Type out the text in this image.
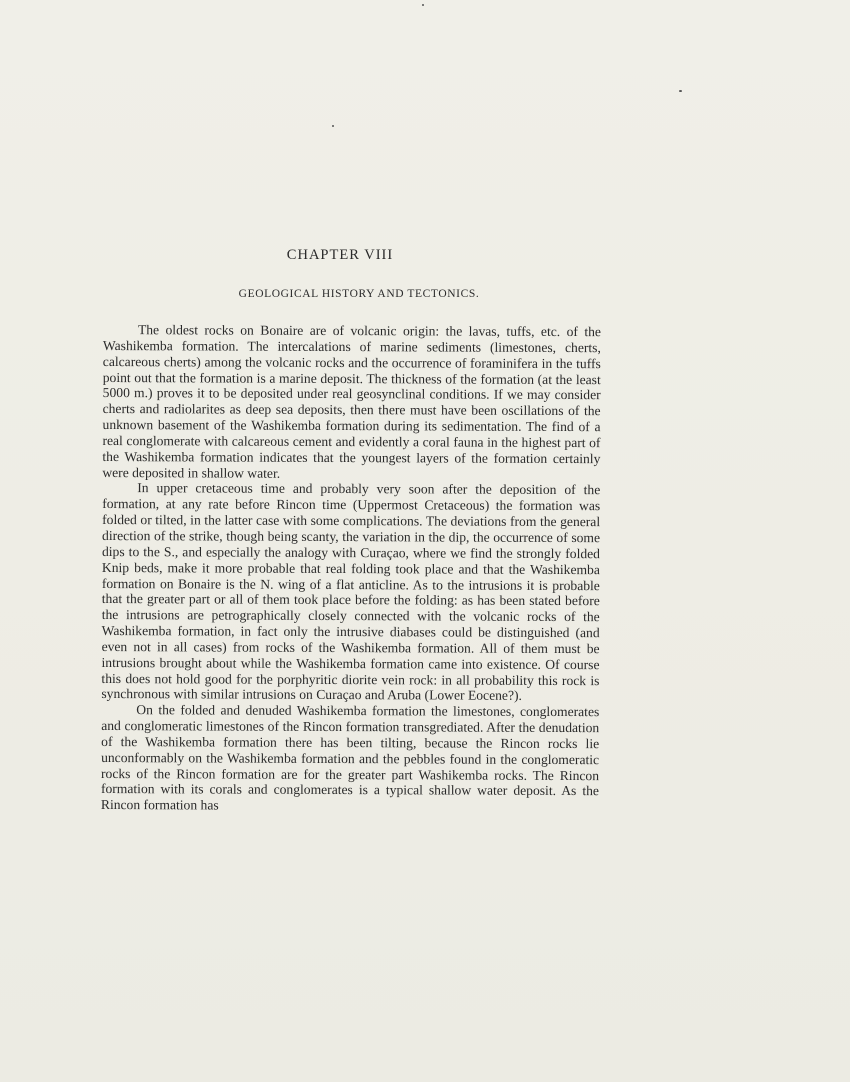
CHAPTER VIII
GEOLOGICAL HISTORY AND TECTONICS.

The oldest rocks on Bonaire are of volcanic origin: the lavas, tuffs, etc. of the Washikemba formation. The intercalations of marine sediments (limestones, cherts, calcareous cherts) among the volcanic rocks and the occurrence of foraminifera in the tuffs point out that the formation is a marine deposit. The thickness of the formation (at the least 5000 m.) proves it to be deposited under real geosynclinal conditions. If we may consider cherts and radiolarites as deep sea deposits, then there must have been oscillations of the unknown basement of the Washikemba formation during its sedimentation. The find of a real conglomerate with calcareous cement and evidently a coral fauna in the highest part of the Washikemba formation indicates that the youngest layers of the formation certainly were deposited in shallow water.

In upper cretaceous time and probably very soon after the deposition of the formation, at any rate before Rincon time (Uppermost Cretaceous) the formation was folded or tilted, in the latter case with some complications. The deviations from the general direction of the strike, though being scanty, the variation in the dip, the occurrence of some dips to the S., and especially the analogy with Curaçao, where we find the strongly folded Knip beds, make it more probable that real folding took place and that the Washikemba formation on Bonaire is the N. wing of a flat anticline. As to the intrusions it is probable that the greater part or all of them took place before the folding: as has been stated before the intrusions are petrographically closely connected with the volcanic rocks of the Washikemba formation, in fact only the intrusive diabases could be distinguished (and even not in all cases) from rocks of the Washikemba formation. All of them must be intrusions brought about while the Washikemba formation came into existence. Of course this does not hold good for the porphyritic diorite vein rock: in all probability this rock is synchronous with similar intrusions on Curaçao and Aruba (Lower Eocene?).

On the folded and denuded Washikemba formation the limestones, conglomerates and conglomeratic limestones of the Rincon formation transgrediated. After the denudation of the Washikemba formation there has been tilting, because the Rincon rocks lie unconformably on the Washikemba formation and the pebbles found in the conglomeratic rocks of the Rincon formation are for the greater part Washikemba rocks. The Rincon formation with its corals and conglomerates is a typical shallow water deposit. As the Rincon formation has
